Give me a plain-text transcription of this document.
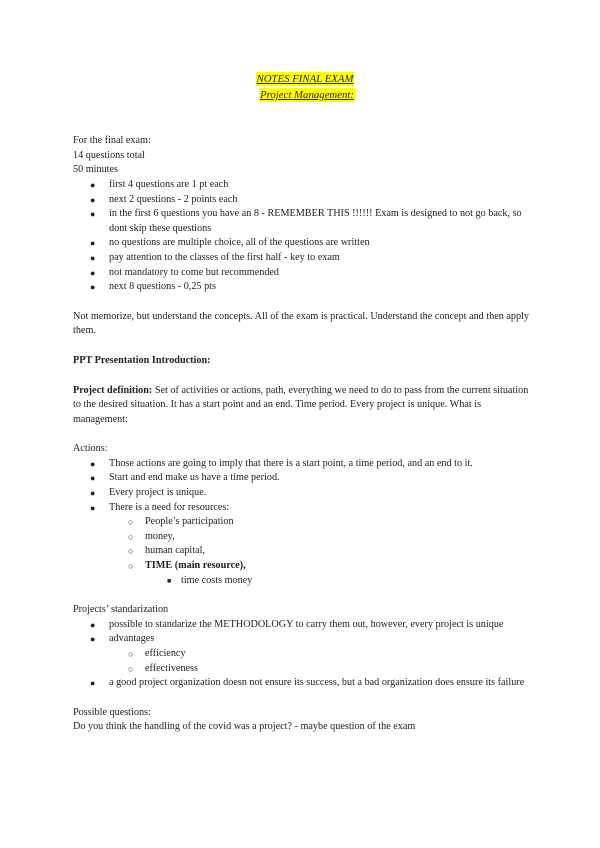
NOTES FINAL EXAM
Project Management:

For the final exam:

14 questions total

50 minutes

● first 4 questions are 1 pt each
● next 2 questions - 2 points each
● in the first 6 questions you have an 8 - REMEMBER THIS !!!!!! Exam is designed to not go back, so dont skip these questions
● no questions are multiple choice, all of the questions are written
● pay attention to the classes of the first half - key to exam
● not mandatory to come but recommended
● next 8 questions - 0,25 pts

Not memorize, but understand the concepts. All of the exam is practical. Understand the concept and then apply them.

PPT Presentation Introduction:

Project definition: Set of activities or actions, path, everything we need to do to pass from the current situation to the desired situation. It has a start point and an end. Time period. Every project is unique. What is management:

Actions:

● Those actions are going to imply that there is a start point, a time period, and an end to it.
● Start and end make us have a time period.
● Every project is unique.
● There is a need for resources:
○ People’s participation
○ money,
○ human capital,
○ TIME (main resource),
■ time costs money

Projects’ standarization

● possible to standarize the METHODOLOGY to carry them out, however, every project is unique
● advantages
○ efficiency
○ effectiveness
● a good project organization doesn not ensure its success, but a bad organization does ensure its failure

Possible questions:

Do you think the handling of the covid was a project? - maybe question of the exam
